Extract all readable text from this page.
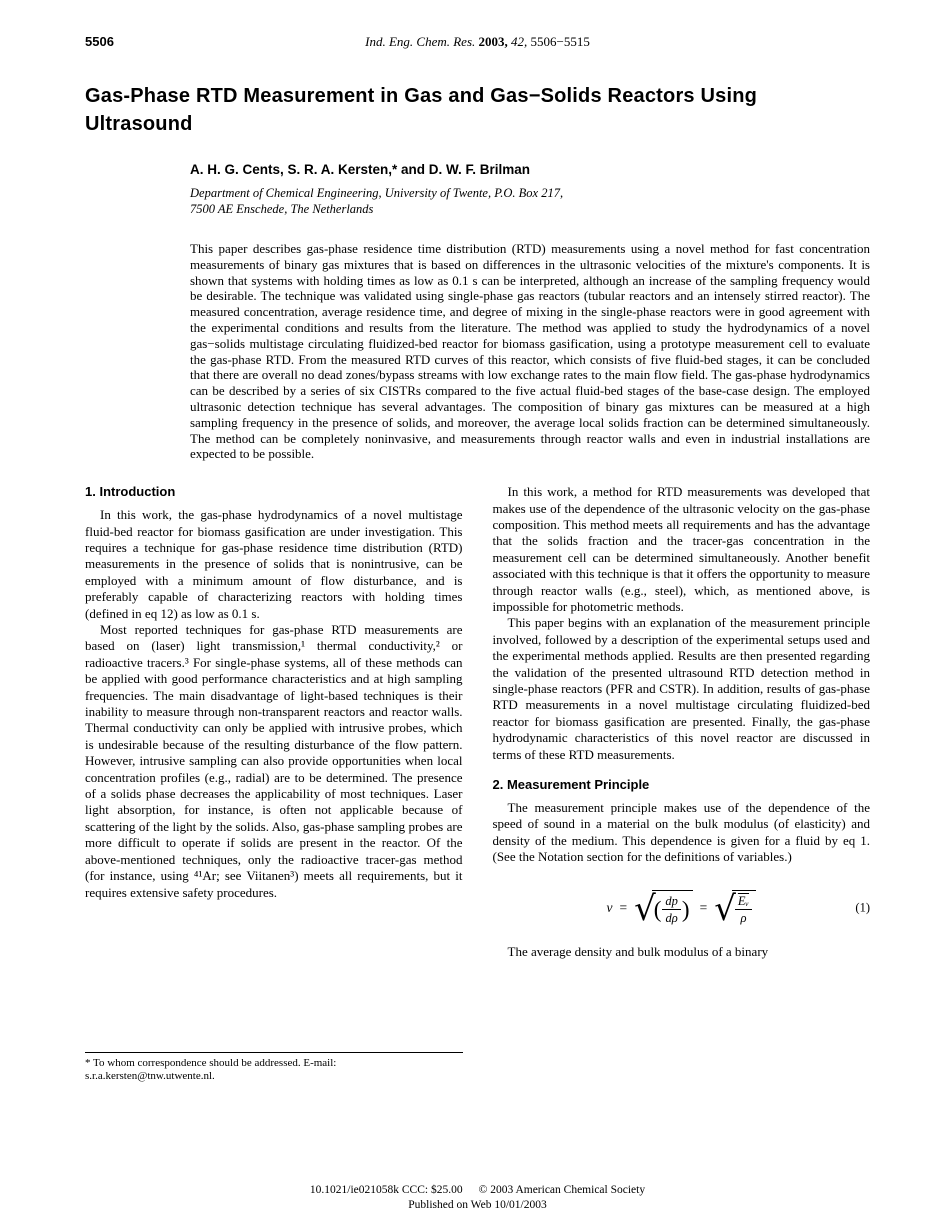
5506	Ind. Eng. Chem. Res. 2003, 42, 5506−5515
Gas-Phase RTD Measurement in Gas and Gas−Solids Reactors Using
Ultrasound
A. H. G. Cents, S. R. A. Kersten,* and D. W. F. Brilman
Department of Chemical Engineering, University of Twente, P.O. Box 217,
7500 AE Enschede, The Netherlands

This paper describes gas-phase residence time distribution (RTD) measurements using a novel method for fast concentration measurements of binary gas mixtures that is based on differences in the ultrasonic velocities of the mixture's components. It is shown that systems with holding times as low as 0.1 s can be interpreted, although an increase of the sampling frequency would be desirable. The technique was validated using single-phase gas reactors (tubular reactors and an intensely stirred reactor). The measured concentration, average residence time, and degree of mixing in the single-phase reactors were in good agreement with the experimental conditions and results from the literature. The method was applied to study the hydrodynamics of a novel gas−solids multistage circulating fluidized-bed reactor for biomass gasification, using a prototype measurement cell to evaluate the gas-phase RTD. From the measured RTD curves of this reactor, which consists of five fluid-bed stages, it can be concluded that there are overall no dead zones/bypass streams with low exchange rates to the main flow field. The gas-phase hydrodynamics can be described by a series of six CISTRs compared to the five actual fluid-bed stages of the base-case design. The employed ultrasonic detection technique has several advantages. The composition of binary gas mixtures can be measured at a high sampling frequency in the presence of solids, and moreover, the average local solids fraction can be determined simultaneously. The method can be completely noninvasive, and measurements through reactor walls and even in industrial installations are expected to be possible.

1. Introduction

In this work, the gas-phase hydrodynamics of a novel multistage fluid-bed reactor for biomass gasification are under investigation. This requires a technique for gas-phase residence time distribution (RTD) measurements in the presence of solids that is nonintrusive, can be employed with a minimum amount of flow disturbance, and is preferably capable of characterizing reactors with holding times (defined in eq 12) as low as 0.1 s.

Most reported techniques for gas-phase RTD measurements are based on (laser) light transmission,¹ thermal conductivity,² or radioactive tracers.³ For single-phase systems, all of these methods can be applied with good performance characteristics and at high sampling frequencies. The main disadvantage of light-based techniques is their inability to measure through non-transparent reactors and reactor walls. Thermal conductivity can only be applied with intrusive probes, which is undesirable because of the resulting disturbance of the flow pattern. However, intrusive sampling can also provide opportunities when local concentration profiles (e.g., radial) are to be determined. The presence of a solids phase decreases the applicability of most techniques. Laser light absorption, for instance, is often not applicable because of scattering of the light by the solids. Also, gas-phase sampling probes are more difficult to operate if solids are present in the reactor. Of the above-mentioned techniques, only the radioactive tracer-gas method (for instance, using ⁴¹Ar; see Viitanen³) meets all requirements, but it requires extensive safety procedures.

* To whom correspondence should be addressed. E-mail: s.r.a.kersten@tnw.utwente.nl.

In this work, a method for RTD measurements was developed that makes use of the dependence of the ultrasonic velocity on the gas-phase composition. This method meets all requirements and has the advantage that the solids fraction and the tracer-gas concentration in the measurement cell can be determined simultaneously. Another benefit associated with this technique is that it offers the opportunity to measure through reactor walls (e.g., steel), which, as mentioned above, is impossible for photometric methods.

This paper begins with an explanation of the measurement principle involved, followed by a description of the experimental setups used and the experimental methods applied. Results are then presented regarding the validation of the presented ultrasound RTD detection method in single-phase reactors (PFR and CSTR). In addition, results of gas-phase RTD measurements in a novel multistage circulating fluidized-bed reactor for biomass gasification are presented. Finally, the gas-phase hydrodynamic characteristics of this novel reactor are discussed in terms of these RTD measurements.

2. Measurement Principle

The measurement principle makes use of the dependence of the speed of sound in a material on the bulk modulus (of elasticity) and density of the medium. This dependence is given for a fluid by eq 1. (See the Notation section for the definitions of variables.)

v = √
( $\frac{dp}{d\rho}$ ) = √ $\frac{\text{Eᵥ}}{\rho}$	(1)

The average density and bulk modulus of a binary

10.1021/ie021058k CCC: $25.00 © 2003 American Chemical Society
Published on Web 10/01/2003
